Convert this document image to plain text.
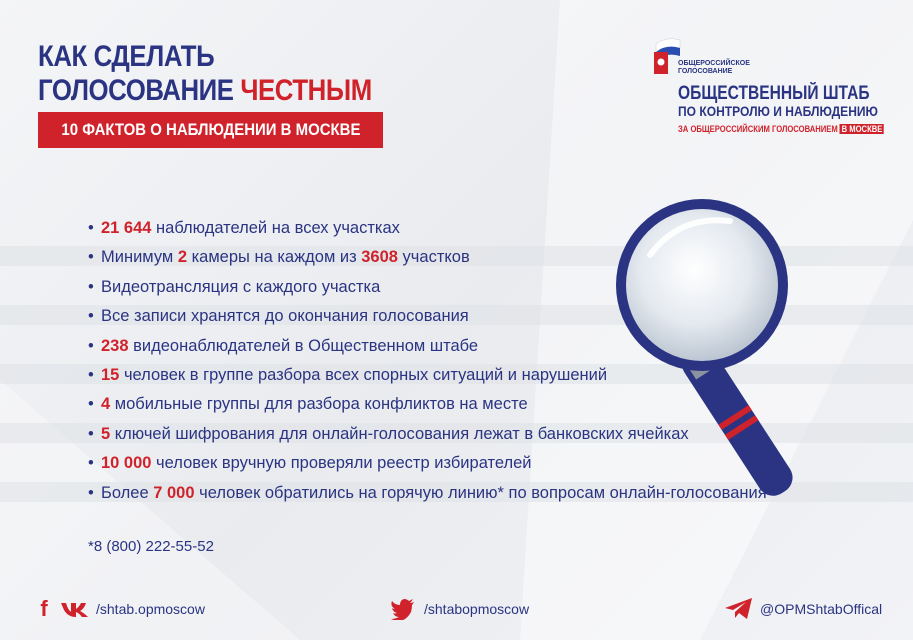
КАК СДЕЛАТЬ
ГОЛОСОВАНИЕ ЧЕСТНЫМ
10 ФАКТОВ О НАБЛЮДЕНИИ В МОСКВЕ
ОБЩЕРОССИЙСКОЕ
ГОЛОСОВАНИЕ
ОБЩЕСТВЕННЫЙ ШТАБ
ПО КОНТРОЛЮ И НАБЛЮДЕНИЮ
ЗА ОБЩЕРОССИЙСКИМ ГОЛОСОВАНИЕМ В МОСКВЕ
• 21 644 наблюдателей на всех участках
• Минимум 2 камеры на каждом из 3608 участков
• Видеотрансляция с каждого участка
• Все записи хранятся до окончания голосования
• 238 видеонаблюдателей в Общественном штабе
• 15 человек в группе разбора всех спорных ситуаций и нарушений
• 4 мобильные группы для разбора конфликтов на месте
• 5 ключей шифрования для онлайн-голосования лежат в банковских ячейках
• 10 000 человек вручную проверяли реестр избирателей
• Более 7 000 человек обратились на горячую линию* по вопросам онлайн-голосования
*8 (800) 222-55-52
f	/shtab.opmoscow	/shtabopmoscow	@OPMShtabOffical
